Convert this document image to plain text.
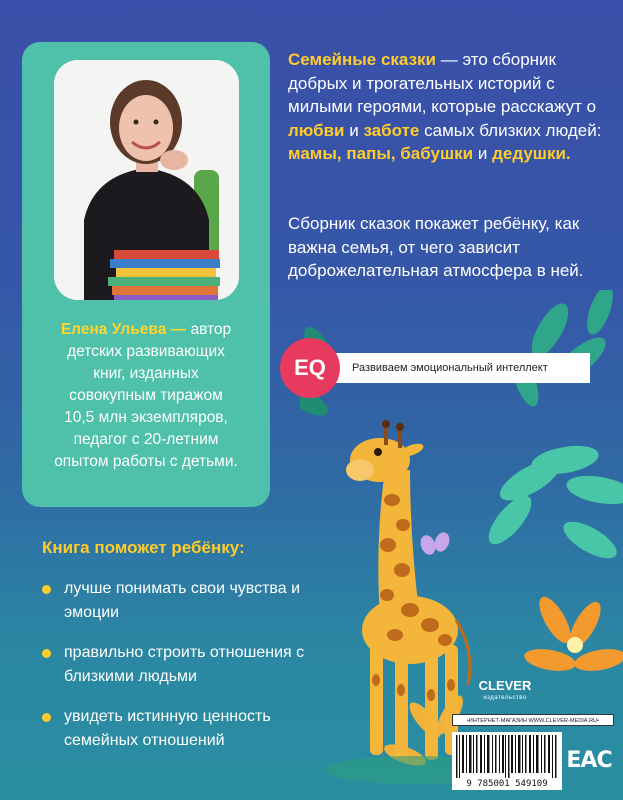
Елена Ульева — автор
детских развивающих
книг, изданных
совокупным тиражом
10,5 млн экземпляров,
педагог с 20-летним
опытом работы с детьми.
Семейные сказки — это сборник добрых и трогательных историй с милыми героями, которые расскажут о любви и заботе самых близких людей: мамы, папы, бабушки и дедушки.
Сборник сказок покажет ребёнку, как важна семья, от чего зависит доброжелательная атмосфера в ней.
Развиваем эмоциональный интеллект
EQ
Книга поможет ребёнку:
лучше понимать свои чувства и эмоции
правильно строить отношения с близкими людьми
увидеть истинную ценность семейных отношений
CLEVER
издательство
•ИНТЕРНЕТ-МАГАЗИН WWW.CLEVER-MEDIA.RU•
9 785001 549109
EAC
